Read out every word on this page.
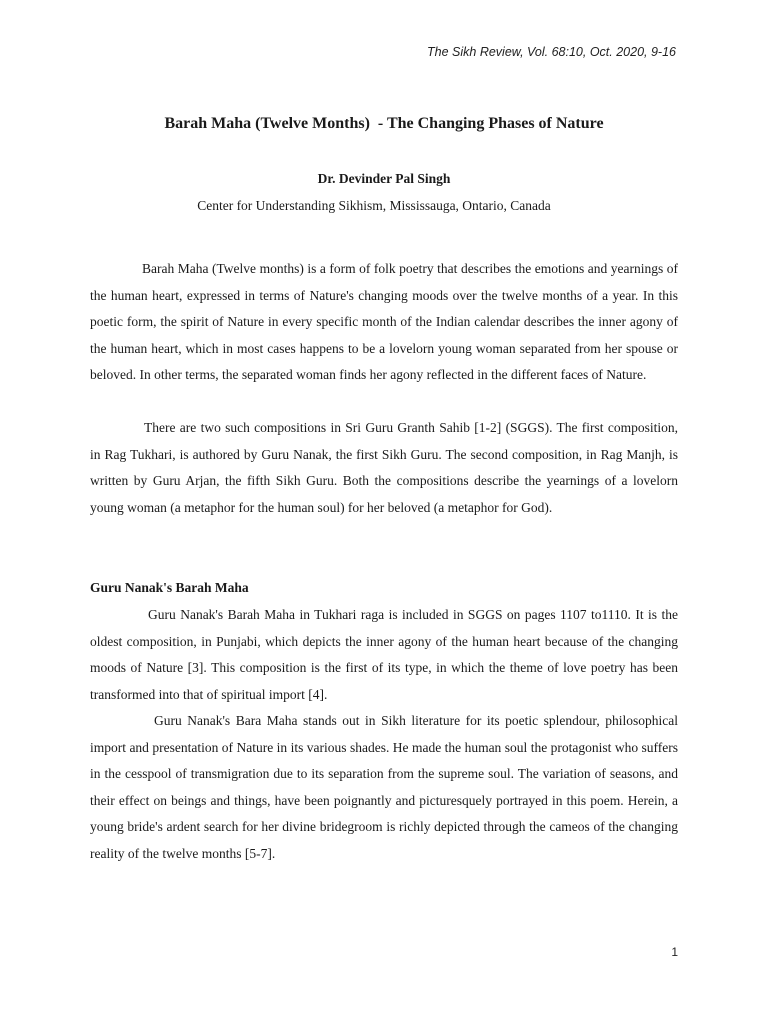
The Sikh Review, Vol. 68:10, Oct. 2020, 9-16
Barah Maha (Twelve Months)  - The Changing Phases of Nature
Dr. Devinder Pal Singh
Center for Understanding Sikhism, Mississauga, Ontario, Canada

Barah Maha (Twelve months) is a form of folk poetry that describes the emotions and yearnings of the human heart, expressed in terms of Nature's changing moods over the twelve months of a year. In this poetic form, the spirit of Nature in every specific month of the Indian calendar describes the inner agony of the human heart, which in most cases happens to be a lovelorn young woman separated from her spouse or beloved. In other terms, the separated woman finds her agony reflected in the different faces of Nature.

There are two such compositions in Sri Guru Granth Sahib [1-2] (SGGS). The first composition, in Rag Tukhari, is authored by Guru Nanak, the first Sikh Guru. The second composition, in Rag Manjh, is written by Guru Arjan, the fifth Sikh Guru. Both the compositions describe the yearnings of a lovelorn young woman (a metaphor for the human soul) for her beloved (a metaphor for God).

Guru Nanak's Barah Maha

Guru Nanak's Barah Maha in Tukhari raga is included in SGGS on pages 1107 to1110. It is the oldest composition, in Punjabi, which depicts the inner agony of the human heart because of the changing moods of Nature [3]. This composition is the first of its type, in which the theme of love poetry has been transformed into that of spiritual import [4].

Guru Nanak's Bara Maha stands out in Sikh literature for its poetic splendour, philosophical import and presentation of Nature in its various shades. He made the human soul the protagonist who suffers in the cesspool of transmigration due to its separation from the supreme soul. The variation of seasons, and their effect on beings and things, have been poignantly and picturesquely portrayed in this poem. Herein, a young bride's ardent search for her divine bridegroom is richly depicted through the cameos of the changing reality of the twelve months [5-7].

1
